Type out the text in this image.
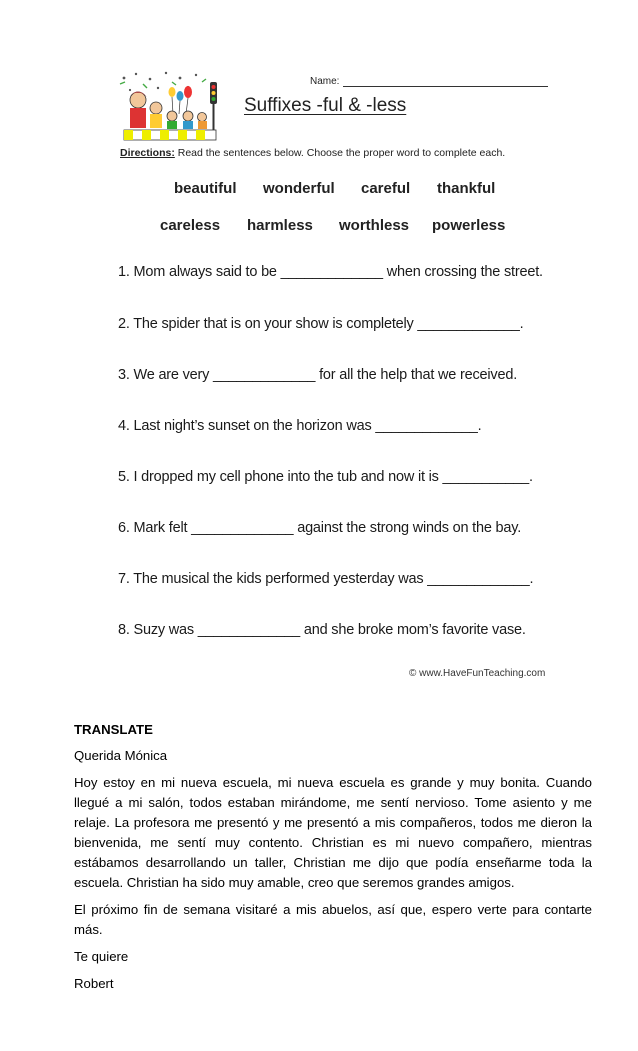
Name:
Suffixes -ful & -less
Directions: Read the sentences below. Choose the proper word to complete each.
beautiful wonderful careful thankful
careless harmless worthless powerless
1. Mom always said to be _____________ when crossing the street.
2. The spider that is on your show is completely _____________.
3. We are very _____________ for all the help that we received.
4. Last night’s sunset on the horizon was _____________.
5. I dropped my cell phone into the tub and now it is ___________.
6. Mark felt _____________ against the strong winds on the bay.
7. The musical the kids performed yesterday was _____________.
8. Suzy was _____________ and she broke mom’s favorite vase.
© www.HaveFunTeaching.com

TRANSLATE

Querida Mónica

Hoy estoy en mi nueva escuela, mi nueva escuela es grande y muy bonita. Cuando llegué a mi salón, todos estaban mirándome, me sentí nervioso. Tome asiento y me relaje. La profesora me presentó y me presentó a mis compañeros, todos me dieron la bienvenida, me sentí muy contento. Christian es mi nuevo compañero, mientras estábamos desarrollando un taller, Christian me dijo que podía enseñarme toda la escuela. Christian ha sido muy amable, creo que seremos grandes amigos.

El próximo fin de semana visitaré a mis abuelos, así que, espero verte para contarte más.

Te quiere

Robert
